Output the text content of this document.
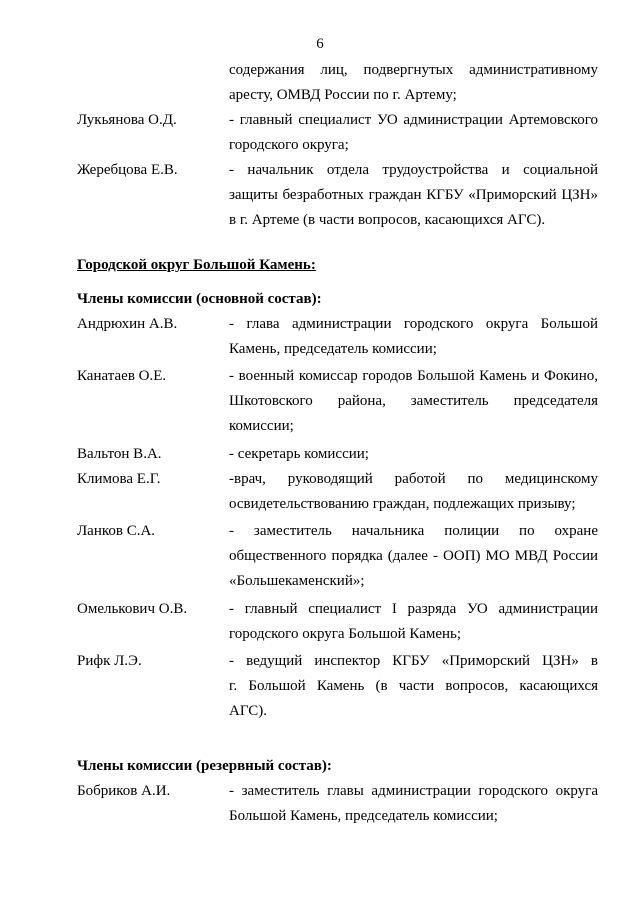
6
содержания лиц, подвергнутых административному
аресту, ОМВД России по г. Артему;
Лукьянова О.Д.	- главный специалист УО администрации Артемовского
городского округа;
Жеребцова Е.В.	- начальник отдела трудоустройства и социальной
защиты безработных граждан КГБУ «Приморский ЦЗН»
в г. Артеме (в части вопросов, касающихся АГС).
Городской округ Большой Камень:
Члены комиссии (основной состав):
Андрюхин А.В.	- глава администрации городского округа Большой
Камень, председатель комиссии;
Канатаев О.Е.	- военный комиссар городов Большой Камень и Фокино,
Шкотовского района, заместитель председателя
комиссии;
Вальтон В.А.	- секретарь комиссии;
Климова Е.Г.	-врач, руководящий работой по медицинскому
освидетельствованию граждан, подлежащих призыву;
Ланков С.А.	- заместитель начальника полиции по охране
общественного порядка (далее - ООП) МО МВД России
«Большекаменский»;
Омелькович О.В.	- главный специалист I разряда УО администрации
городского округа Большой Камень;
Рифк Л.Э.	- ведущий инспектор КГБУ «Приморский ЦЗН» в
г. Большой Камень (в части вопросов, касающихся
АГС).
Члены комиссии (резервный состав):
Бобриков А.И.	- заместитель главы администрации городского округа
Большой Камень, председатель комиссии;
